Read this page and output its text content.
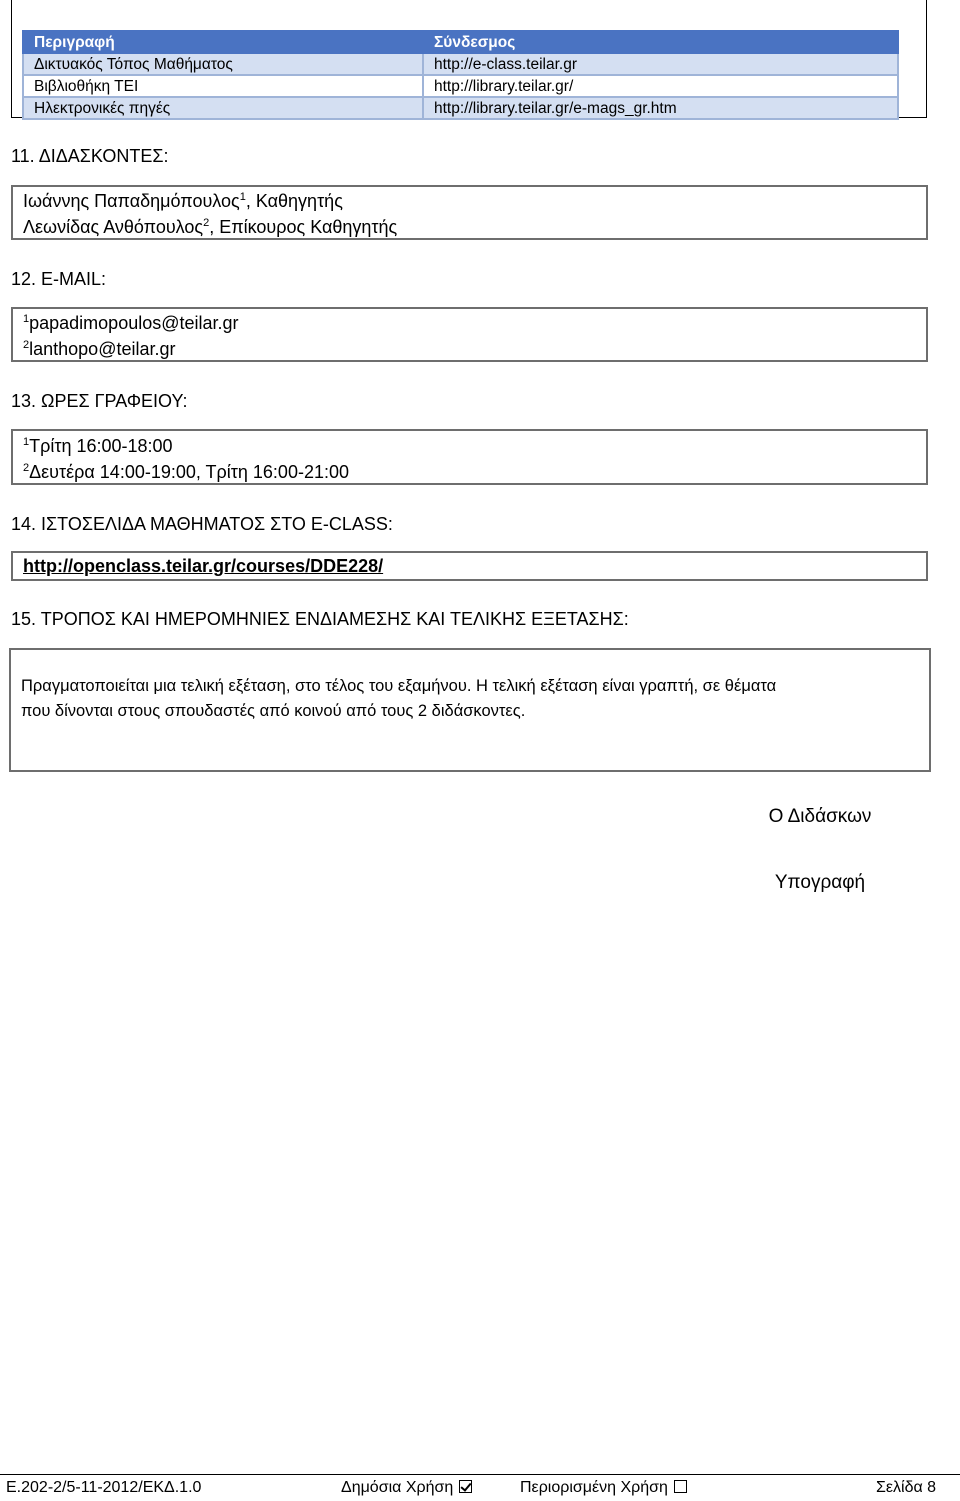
Περιγραφή	Σύνδεσμος
Δικτυακός Τόπος Μαθήματος	http://e-class.teilar.gr
Βιβλιοθήκη ΤΕΙ	http://library.teilar.gr/
Ηλεκτρονικές πηγές	http://library.teilar.gr/e-mags_gr.htm
11. ΔΙΔΑΣΚΟΝΤΕΣ:
Ιωάννης Παπαδημόπουλος$^1$, Καθηγητής
Λεωνίδας Ανθόπουλος$^2$, Επίκουρος Καθηγητής
12. E-MAIL:
$^1$papadimopoulos@teilar.gr
$^2$lanthopo@teilar.gr
13. ΩΡΕΣ ΓΡΑΦΕΙΟΥ:
$^1$Τρίτη 16:00-18:00
$^2$Δευτέρα 14:00-19:00, Τρίτη 16:00-21:00
14. ΙΣΤΟΣΕΛΙΔΑ ΜΑΘΗΜΑΤΟΣ ΣΤΟ E-CLASS:
http://openclass.teilar.gr/courses/DDE228/
15. ΤΡΟΠΟΣ ΚΑΙ ΗΜΕΡΟΜΗΝΙΕΣ ΕΝΔΙΑΜΕΣΗΣ ΚΑΙ ΤΕΛΙΚΗΣ ΕΞΕΤΑΣΗΣ:
Πραγματοποιείται μια τελική εξέταση, στο τέλος του εξαμήνου. Η τελική εξέταση είναι γραπτή, σε θέματα
που δίνονται στους σπουδαστές από κοινού από τους 2 διδάσκοντες.
Ο Διδάσκων
Υπογραφή
Ε.202-2/5-11-2012/ΕΚΔ.1.0	Δημόσια Χρήση	Περιορισμένη Χρήση	Σελίδα 8
